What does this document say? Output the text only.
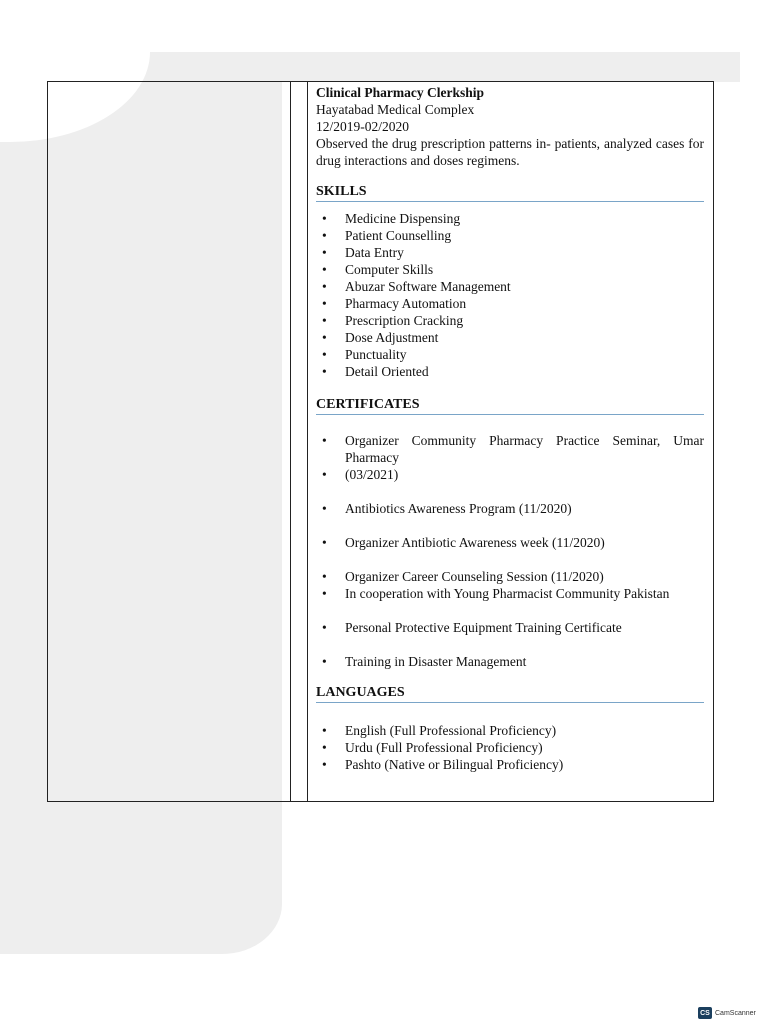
Clinical Pharmacy Clerkship
Hayatabad Medical Complex
12/2019-02/2020
Observed the drug prescription patterns in- patients, analyzed cases for drug interactions and doses regimens.
SKILLS
• Medicine Dispensing
• Patient Counselling
• Data Entry
• Computer Skills
• Abuzar Software Management
• Pharmacy Automation
• Prescription Cracking
• Dose Adjustment
• Punctuality
• Detail Oriented
CERTIFICATES
• Organizer Community Pharmacy Practice Seminar, Umar Pharmacy
• (03/2021)
• Antibiotics Awareness Program (11/2020)
• Organizer Antibiotic Awareness week (11/2020)
• Organizer Career Counseling Session (11/2020)
• In cooperation with Young Pharmacist Community Pakistan
• Personal Protective Equipment Training Certificate
• Training in Disaster Management
LANGUAGES
• English (Full Professional Proficiency)
• Urdu (Full Professional Proficiency)
• Pashto (Native or Bilingual Proficiency)
CS CamScanner
